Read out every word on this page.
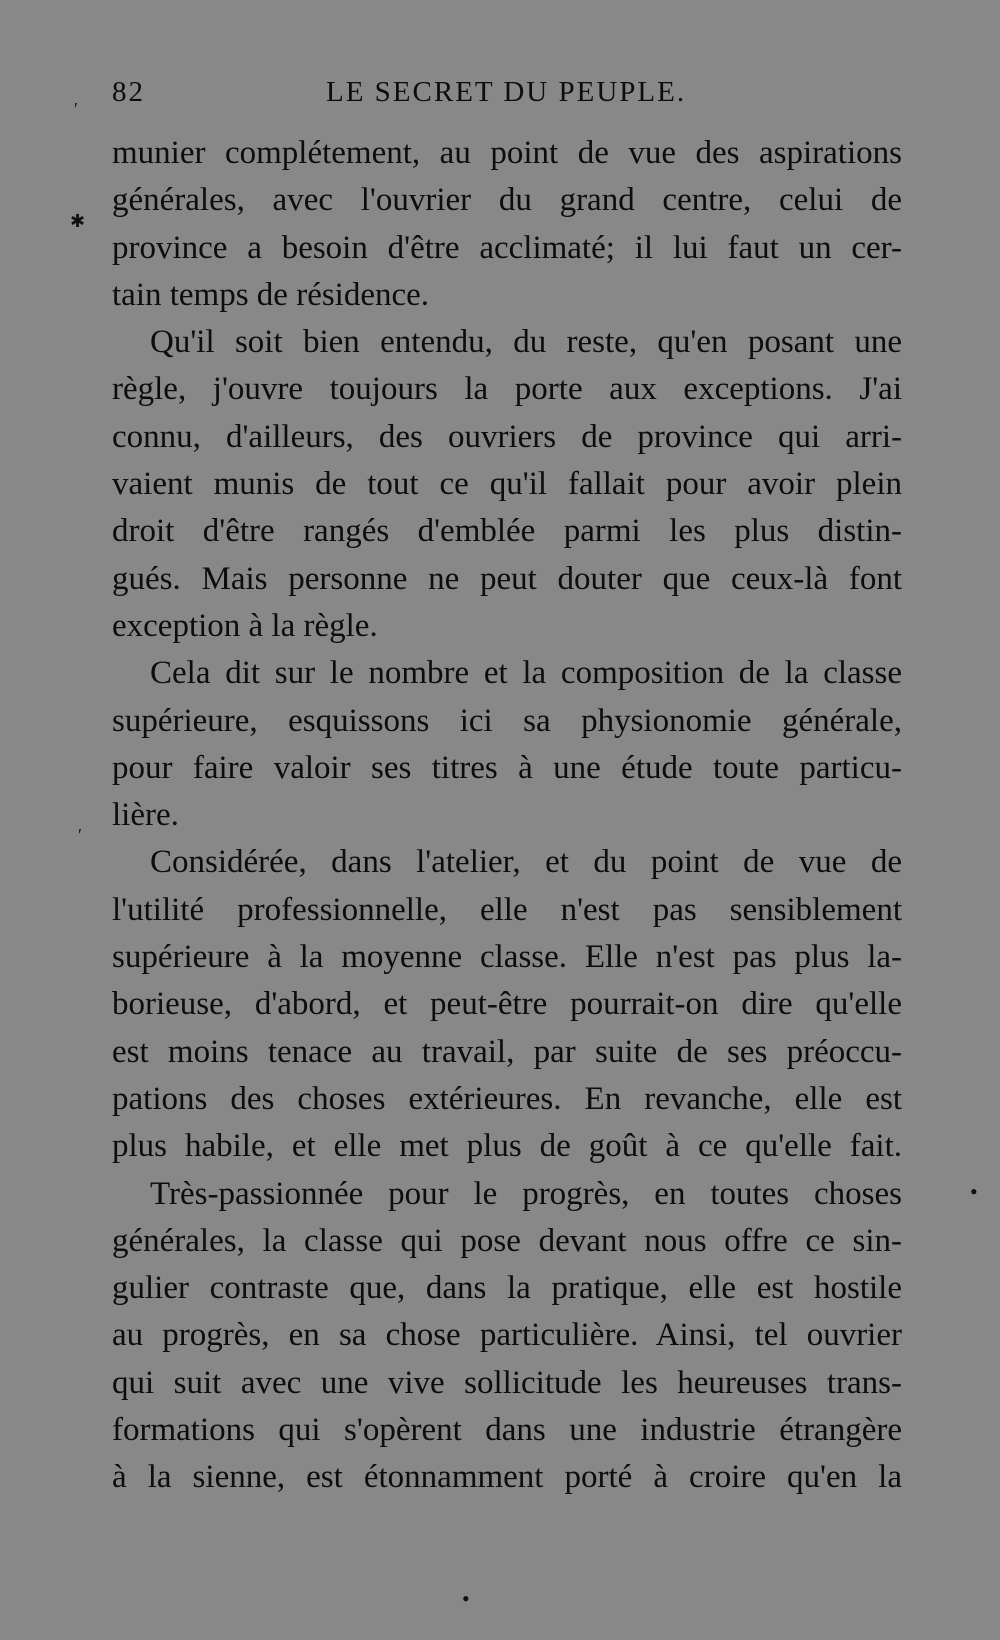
82	LE SECRET DU PEUPLE.
munier complétement, au point de vue des aspirations
générales, avec l'ouvrier du grand centre, celui de
province a besoin d'être acclimaté; il lui faut un cer-
tain temps de résidence.
Qu'il soit bien entendu, du reste, qu'en posant une
règle, j'ouvre toujours la porte aux exceptions. J'ai
connu, d'ailleurs, des ouvriers de province qui arri-
vaient munis de tout ce qu'il fallait pour avoir plein
droit d'être rangés d'emblée parmi les plus distin-
gués. Mais personne ne peut douter que ceux-là font
exception à la règle.
Cela dit sur le nombre et la composition de la classe
supérieure, esquissons ici sa physionomie générale,
pour faire valoir ses titres à une étude toute particu-
lière.
Considérée, dans l'atelier, et du point de vue de
l'utilité professionnelle, elle n'est pas sensiblement
supérieure à la moyenne classe. Elle n'est pas plus la-
borieuse, d'abord, et peut-être pourrait-on dire qu'elle
est moins tenace au travail, par suite de ses préoccu-
pations des choses extérieures. En revanche, elle est
plus habile, et elle met plus de goût à ce qu'elle fait.
Très-passionnée pour le progrès, en toutes choses
générales, la classe qui pose devant nous offre ce sin-
gulier contraste que, dans la pratique, elle est hostile
au progrès, en sa chose particulière. Ainsi, tel ouvrier
qui suit avec une vive sollicitude les heureuses trans-
formations qui s'opèrent dans une industrie étrangère
à la sienne, est étonnamment porté à croire qu'en la
′
✱
′
•
•
